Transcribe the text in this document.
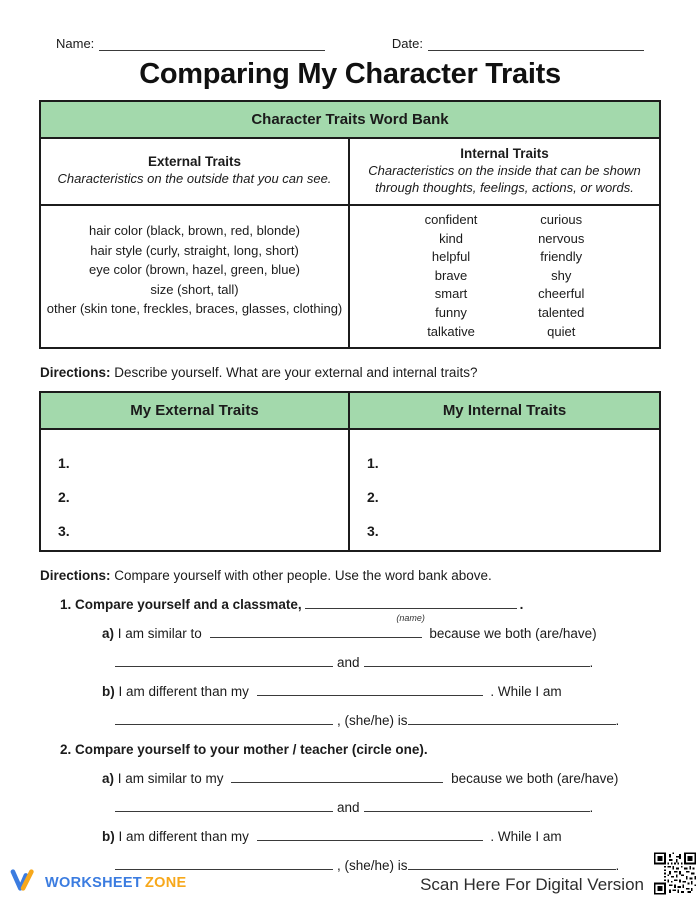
Name:	Date:
Comparing My Character Traits
Character Traits Word Bank
External Traits
Characteristics on the outside that you can see.
Internal Traits
Characteristics on the inside that can be shown through thoughts, feelings, actions, or words.
hair color (black, brown, red, blonde)
hair style (curly, straight, long, short)
eye color (brown, hazel, green, blue)
size (short, tall)
other (skin tone, freckles, braces, glasses, clothing)
confident
kind
helpful
brave
smart
funny
talkative
curious
nervous
friendly
shy
cheerful
talented
quiet

Directions: Describe yourself. What are your external and internal traits?

My External Traits	My Internal Traits
1.
2.
3.
1.
2.
3.

Directions: Compare yourself with other people. Use the word bank above.

1. Compare yourself and a classmate,
(name)
.
a) I am similar to	because we both (are/have)
and	.
b) I am different than my	. While I am
, (she/he) is	.
2. Compare yourself to your mother / teacher (circle one).
a) I am similar to my	because we both (are/have)
and	.
b) I am different than my	. While I am
, (she/he) is	.
WORKSHEET ZONE	Scan Here For Digital Version
